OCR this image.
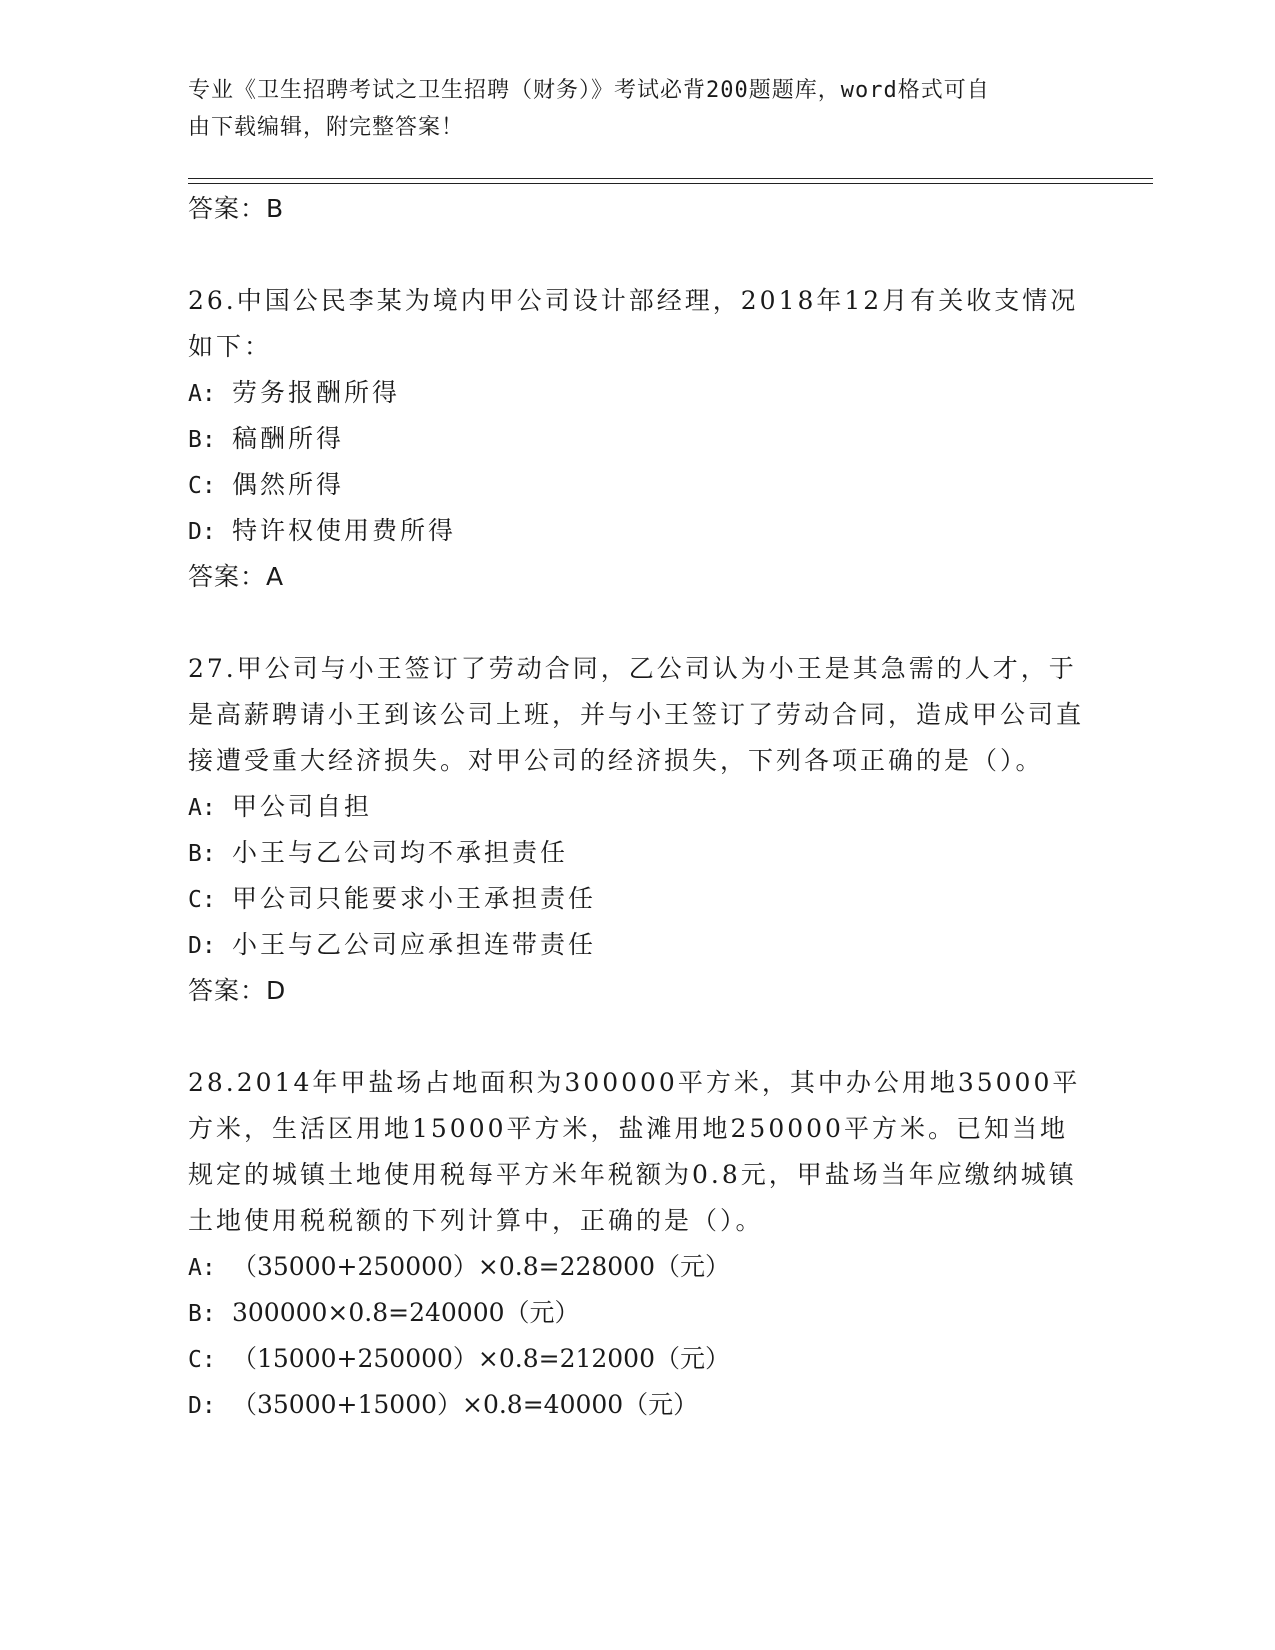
专业《卫生招聘考试之卫生招聘（财务）》考试必背200题题库，word格式可自
由下载编辑，附完整答案！

答案：B

26.中国公民李某为境内甲公司设计部经理，2018年12月有关收支情况如下：

A: 劳务报酬所得

B: 稿酬所得

C: 偶然所得

D: 特许权使用费所得

答案：A

27.甲公司与小王签订了劳动合同，乙公司认为小王是其急需的人才，于是高薪聘请小王到该公司上班，并与小王签订了劳动合同，造成甲公司直接遭受重大经济损失。对甲公司的经济损失，下列各项正确的是（）。

A: 甲公司自担

B: 小王与乙公司均不承担责任

C: 甲公司只能要求小王承担责任

D: 小王与乙公司应承担连带责任

答案：D

28.2014年甲盐场占地面积为300000平方米，其中办公用地35000平方米，生活区用地15000平方米，盐滩用地250000平方米。已知当地规定的城镇土地使用税每平方米年税额为0.8元，甲盐场当年应缴纳城镇土地使用税税额的下列计算中，正确的是（）。

A: （35000+250000）×0.8=228000（元）

B: 300000×0.8=240000（元）

C: （15000+250000）×0.8=212000（元）

D: （35000+15000）×0.8=40000（元）
